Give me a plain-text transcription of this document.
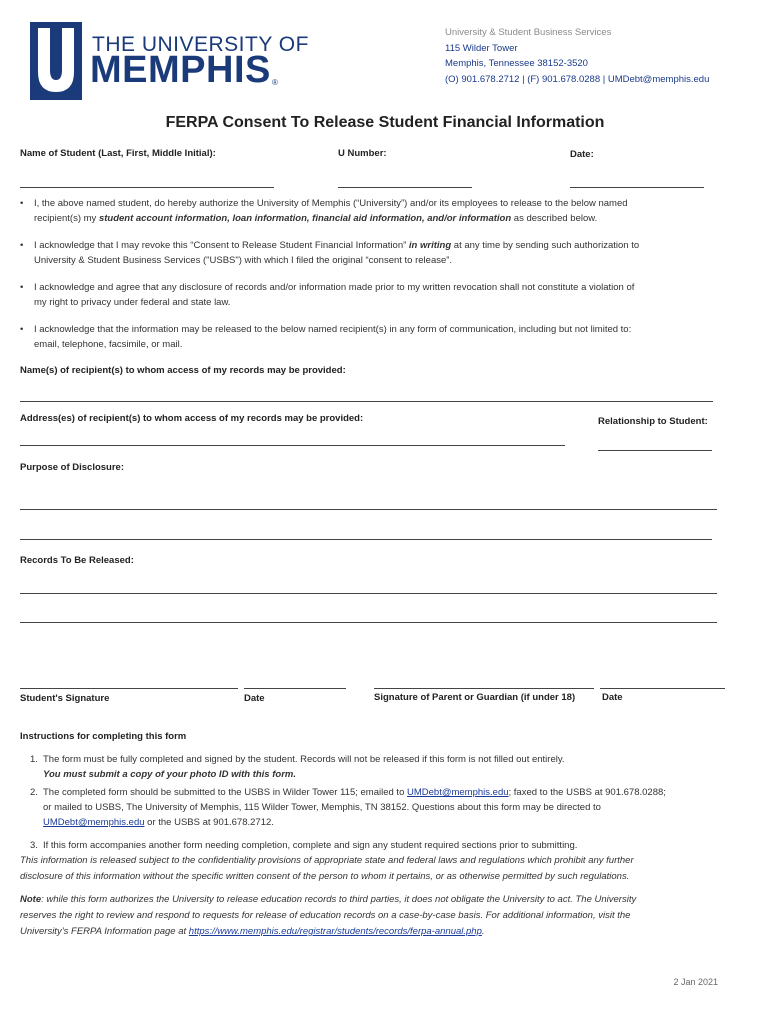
of
THE UNIVERSITY OF
MEMPHIS ®
University & Student Business Services
115 Wilder Tower
Memphis, Tennessee 38152-3520
(O) 901.678.2712 | (F) 901.678.0288 | UMDebt@memphis.edu
FERPA Consent To Release Student Financial Information
Name of Student (Last, First, Middle Initial):	U Number:	Date:
• I, the above named student, do hereby authorize the University of Memphis (“University”) and/or its employees to release to the below named
recipient(s) my student account information, loan information, financial aid information, and/or information as described below.
• I acknowledge that I may revoke this “Consent to Release Student Financial Information” in writing at any time by sending such authorization to
University & Student Business Services ("USBS") with which I filed the original “consent to release”.
• I acknowledge and agree that any disclosure of records and/or information made prior to my written revocation shall not constitute a violation of
my right to privacy under federal and state law.
• I acknowledge that the information may be released to the below named recipient(s) in any form of communication, including but not limited to:
email, telephone, facsimile, or mail.
Name(s) of recipient(s) to whom access of my records may be provided:
Address(es) of recipient(s) to whom access of my records may be provided:	Relationship to Student:
Purpose of Disclosure:
Records To Be Released:
Student's Signature	Date	Signature of Parent or Guardian (if under 18)	Date
Instructions for completing this form
1. The form must be fully completed and signed by the student. Records will not be released if this form is not filled out entirely.
You must submit a copy of your photo ID with this form.
2. The completed form should be submitted to the USBS in Wilder Tower 115; emailed to UMDebt@memphis.edu; faxed to the USBS at 901.678.0288;
or mailed to USBS, The University of Memphis, 115 Wilder Tower, Memphis, TN 38152. Questions about this form may be directed to
UMDebt@memphis.edu or the USBS at 901.678.2712.
3. If this form accompanies another form needing completion, complete and sign any student required sections prior to submitting.
This information is released subject to the confidentiality provisions of appropriate state and federal laws and regulations which prohibit any further
disclosure of this information without the specific written consent of the person to whom it pertains, or as otherwise permitted by such regulations.
Note: while this form authorizes the University to release education records to third parties, it does not obligate the University to act. The University
reserves the right to review and respond to requests for release of education records on a case-by-case basis. For additional information, visit the
University’s FERPA Information page at https://www.memphis.edu/registrar/students/records/ferpa-annual.php.
2 Jan 2021
